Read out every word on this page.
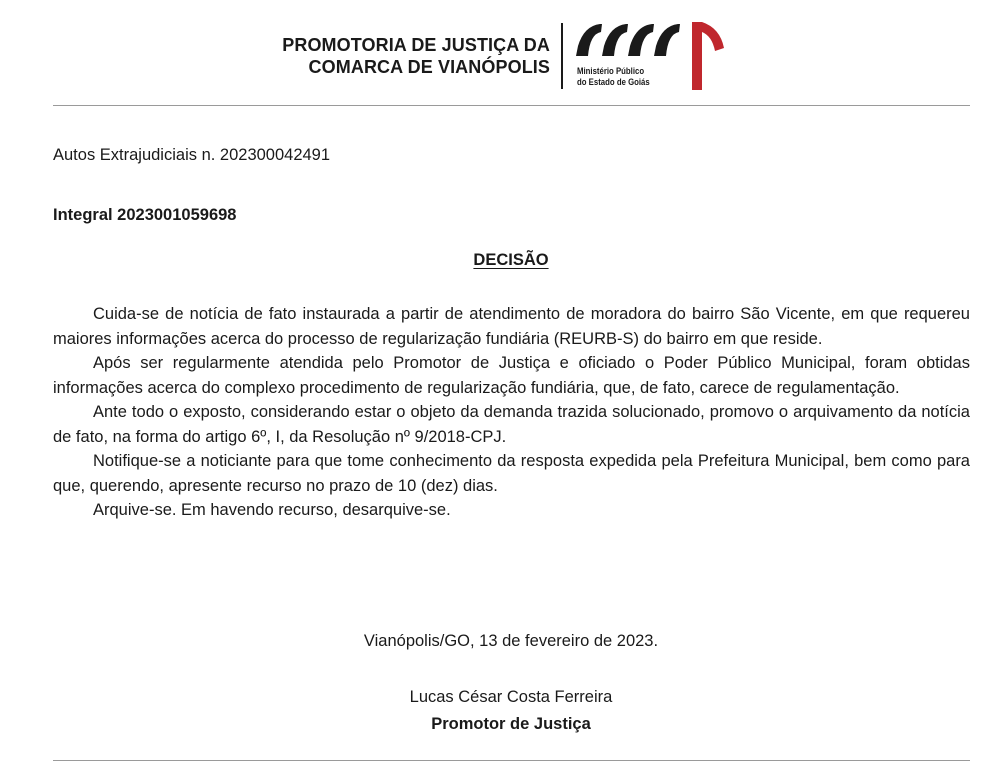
PROMOTORIA DE JUSTIÇA DA
COMARCA DE VIANÓPOLIS	Ministério Público
do Estado de Goiás
Autos Extrajudiciais n. 202300042491
Integral 2023001059698
DECISÃO

Cuida-se de notícia de fato instaurada a partir de atendimento de moradora do bairro São Vicente, em que requereu maiores informações acerca do processo de regularização fundiária (REURB-S) do bairro em que reside.

Após ser regularmente atendida pelo Promotor de Justiça e oficiado o Poder Público Municipal, foram obtidas informações acerca do complexo procedimento de regularização fundiária, que, de fato, carece de regulamentação.

Ante todo o exposto, considerando estar o objeto da demanda trazida solucionado, promovo o arquivamento da notícia de fato, na forma do artigo 6º, I, da Resolução nº 9/2018-CPJ.

Notifique-se a noticiante para que tome conhecimento da resposta expedida pela Prefeitura Municipal, bem como para que, querendo, apresente recurso no prazo de 10 (dez) dias.

Arquive-se. Em havendo recurso, desarquive-se.

Vianópolis/GO, 13 de fevereiro de 2023.
Lucas César Costa Ferreira
Promotor de Justiça
